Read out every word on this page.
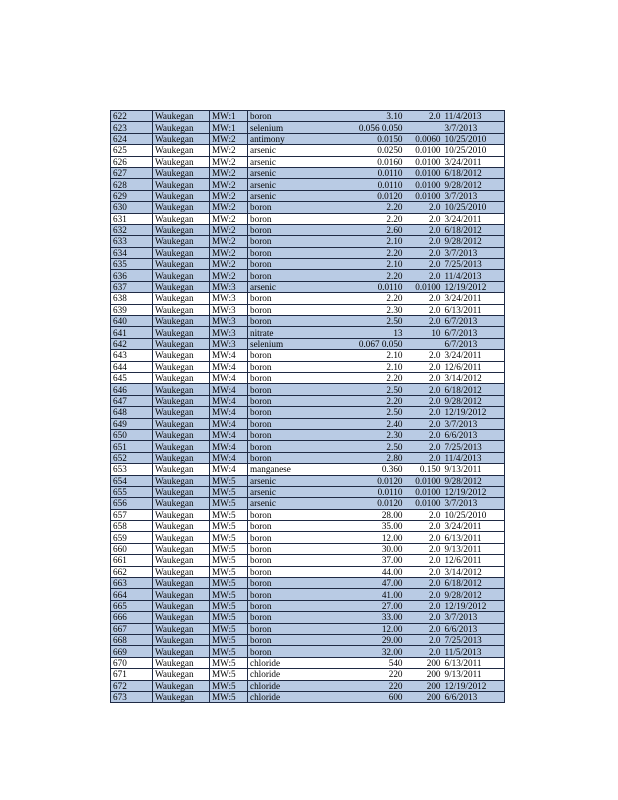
622	Waukegan	MW:1	boron	3.10	2.0	11/4/2013
623	Waukegan	MW:1	selenium	0.056 0.050		3/7/2013
624	Waukegan	MW:2	antimony	0.0150	0.0060	10/25/2010
625	Waukegan	MW:2	arsenic	0.0250	0.0100	10/25/2010
626	Waukegan	MW:2	arsenic	0.0160	0.0100	3/24/2011
627	Waukegan	MW:2	arsenic	0.0110	0.0100	6/18/2012
628	Waukegan	MW:2	arsenic	0.0110	0.0100	9/28/2012
629	Waukegan	MW:2	arsenic	0.0120	0.0100	3/7/2013
630	Waukegan	MW:2	boron	2.20	2.0	10/25/2010
631	Waukegan	MW:2	boron	2.20	2.0	3/24/2011
632	Waukegan	MW:2	boron	2.60	2.0	6/18/2012
633	Waukegan	MW:2	boron	2.10	2.0	9/28/2012
634	Waukegan	MW:2	boron	2.20	2.0	3/7/2013
635	Waukegan	MW:2	boron	2.10	2.0	7/25/2013
636	Waukegan	MW:2	boron	2.20	2.0	11/4/2013
637	Waukegan	MW:3	arsenic	0.0110	0.0100	12/19/2012
638	Waukegan	MW:3	boron	2.20	2.0	3/24/2011
639	Waukegan	MW:3	boron	2.30	2.0	6/13/2011
640	Waukegan	MW:3	boron	2.50	2.0	6/7/2013
641	Waukegan	MW:3	nitrate	13	10	6/7/2013
642	Waukegan	MW:3	selenium	0.067 0.050		6/7/2013
643	Waukegan	MW:4	boron	2.10	2.0	3/24/2011
644	Waukegan	MW:4	boron	2.10	2.0	12/6/2011
645	Waukegan	MW:4	boron	2.20	2.0	3/14/2012
646	Waukegan	MW:4	boron	2.50	2.0	6/18/2012
647	Waukegan	MW:4	boron	2.20	2.0	9/28/2012
648	Waukegan	MW:4	boron	2.50	2.0	12/19/2012
649	Waukegan	MW:4	boron	2.40	2.0	3/7/2013
650	Waukegan	MW:4	boron	2.30	2.0	6/6/2013
651	Waukegan	MW:4	boron	2.50	2.0	7/25/2013
652	Waukegan	MW:4	boron	2.80	2.0	11/4/2013
653	Waukegan	MW:4	manganese	0.360	0.150	9/13/2011
654	Waukegan	MW:5	arsenic	0.0120	0.0100	9/28/2012
655	Waukegan	MW:5	arsenic	0.0110	0.0100	12/19/2012
656	Waukegan	MW:5	arsenic	0.0120	0.0100	3/7/2013
657	Waukegan	MW:5	boron	28.00	2.0	10/25/2010
658	Waukegan	MW:5	boron	35.00	2.0	3/24/2011
659	Waukegan	MW:5	boron	12.00	2.0	6/13/2011
660	Waukegan	MW:5	boron	30.00	2.0	9/13/2011
661	Waukegan	MW:5	boron	37.00	2.0	12/6/2011
662	Waukegan	MW:5	boron	44.00	2.0	3/14/2012
663	Waukegan	MW:5	boron	47.00	2.0	6/18/2012
664	Waukegan	MW:5	boron	41.00	2.0	9/28/2012
665	Waukegan	MW:5	boron	27.00	2.0	12/19/2012
666	Waukegan	MW:5	boron	33.00	2.0	3/7/2013
667	Waukegan	MW:5	boron	12.00	2.0	6/6/2013
668	Waukegan	MW:5	boron	29.00	2.0	7/25/2013
669	Waukegan	MW:5	boron	32.00	2.0	11/5/2013
670	Waukegan	MW:5	chloride	540	200	6/13/2011
671	Waukegan	MW:5	chloride	220	200	9/13/2011
672	Waukegan	MW:5	chloride	220	200	12/19/2012
673	Waukegan	MW:5	chloride	600	200	6/6/2013
